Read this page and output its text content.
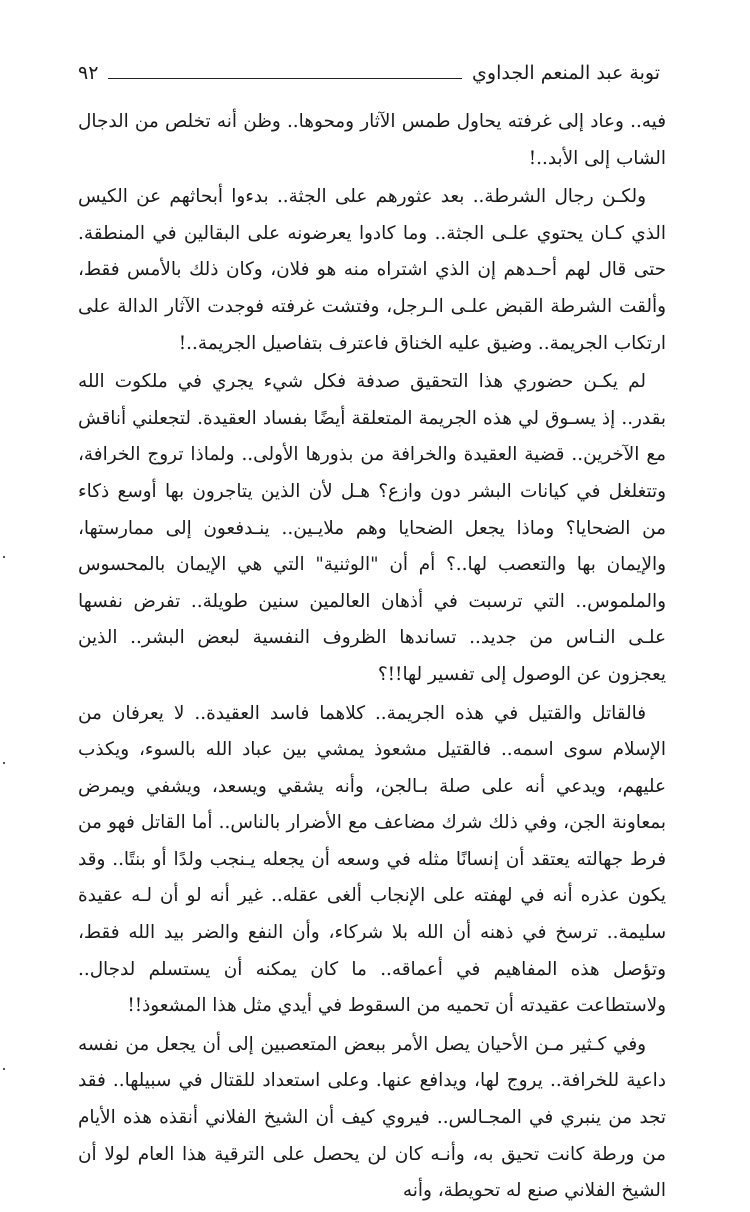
توبة عبد المنعم الجداوي
٩٢

فيه.. وعاد إلى غرفته يحاول طمس الآثار ومحوها.. وظن أنه تخلص من الدجال الشاب إلى الأبد..!

ولكـن رجال الشرطة.. بعد عثورهم على الجثة.. بدءوا أبحاثهم عن الكيس الذي كـان يحتوي علـى الجثة.. وما كادوا يعرضونه على البقالين في المنطقة. حتى قال لهم أحـدهم إن الذي اشتراه منه هو فلان، وكان ذلك بالأمس فقط، وألقت الشرطة القبض علـى الـرجل، وفتشت غرفته فوجدت الآثار الدالة على ارتكاب الجريمة.. وضيق عليه الخناق فاعترف بتفاصيل الجريمة..!

لم يكـن حضوري هذا التحقيق صدفة فكل شيء يجري في ملكوت الله بقدر.. إذ يسـوق لي هذه الجريمة المتعلقة أيضًا بفساد العقيدة. لتجعلني أناقش مع الآخرين.. قضية العقيدة والخرافة من بذورها الأولى.. ولماذا تروج الخرافة، وتتغلغل في كيانات البشر دون وازع؟ هـل لأن الذين يتاجرون بها أوسع ذكاء من الضحايا؟ وماذا يجعل الضحايا وهم ملايـين.. ينـدفعون إلى ممارستها، والإيمان بها والتعصب لها..؟ أم أن "الوثنية" التي هي الإيمان بالمحسوس والملموس.. التي ترسبت في أذهان العالمين سنين طويلة.. تفرض نفسها علـى النـاس من جديد.. تساندها الظروف النفسية لبعض البشر.. الذين يعجزون عن الوصول إلى تفسير لها!!؟

فالقاتل والقتيل في هذه الجريمة.. كلاهما فاسد العقيدة.. لا يعرفان من الإسلام سوى اسمه.. فالقتيل مشعوذ يمشي بين عباد الله بالسوء، ويكذب عليهم، ويدعي أنه على صلة بـالجن، وأنه يشقي ويسعد، ويشفي ويمرض بمعاونة الجن، وفي ذلك شرك مضاعف مع الأضرار بالناس.. أما القاتل فهو من فرط جهالته يعتقد أن إنسانًا مثله في وسعه أن يجعله يـنجب ولدًا أو بنتًا.. وقد يكون عذره أنه في لهفته على الإنجاب ألغى عقله.. غير أنه لو أن لـه عقيدة سليمة.. ترسخ في ذهنه أن الله بلا شركاء، وأن النفع والضر بيد الله فقط، وتؤصل هذه المفاهيم في أعماقه.. ما كان يمكنه أن يستسلم لدجال.. ولاستطاعت عقيدته أن تحميه من السقوط في أيدي مثل هذا المشعوذ!!

وفي كـثير مـن الأحيان يصل الأمر ببعض المتعصبين إلى أن يجعل من نفسه داعية للخرافة.. يروج لها، ويدافع عنها. وعلى استعداد للقتال في سبيلها.. فقد تجد من ينبري في المجـالس.. فيروي كيف أن الشيخ الفلاني أنقذه هذه الأيام من ورطة كانت تحيق به، وأنـه كان لن يحصل على الترقية هذا العام لولا أن الشيخ الفلاني صنع له تحويطة، وأنه
